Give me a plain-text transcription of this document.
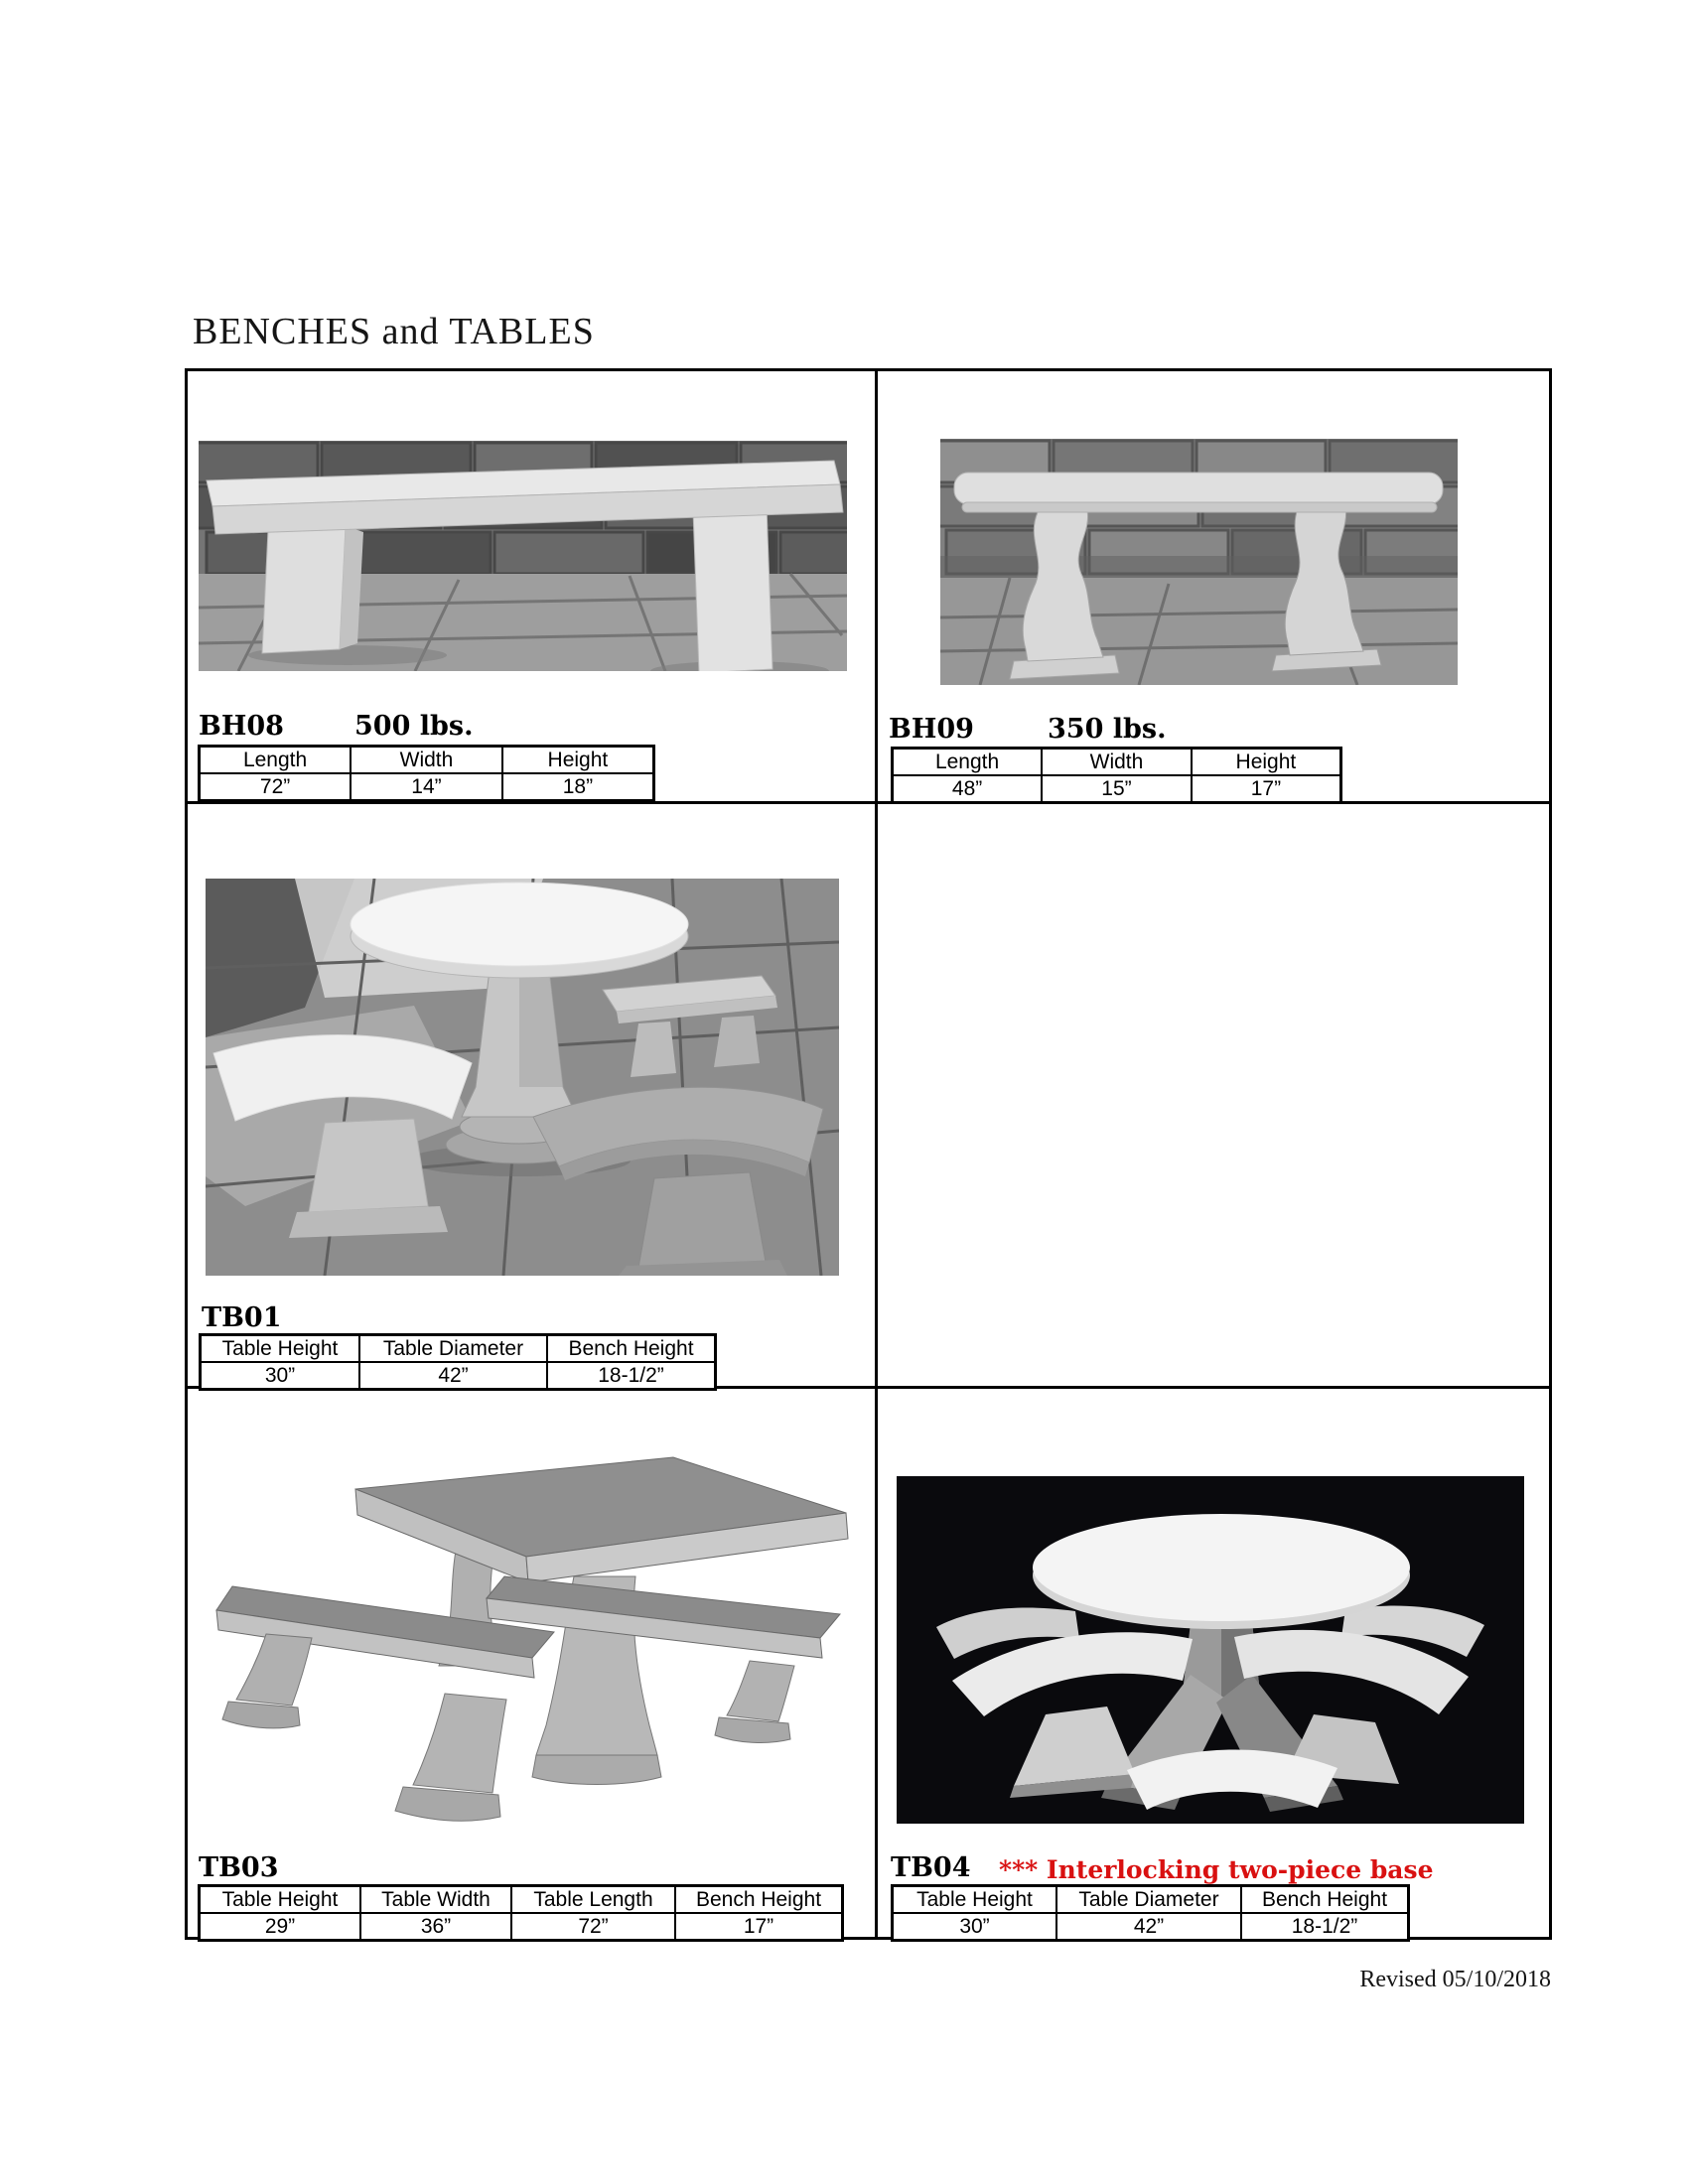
BENCHES and TABLES
BH08	500 lbs.
Length	Width	Height
72”	14”	18”
BH09	350 lbs.
Length	Width	Height
48”	15”	17”
TB01
Table Height	Table Diameter	Bench Height
30”	42”	18-1/2”
TB03
Table Height	Table Width	Table Length	Bench Height
29”	36”	72”	17”
TB04 *** Interlocking two-piece base
Table Height	Table Diameter	Bench Height
30”	42”	18-1/2”
Revised 05/10/2018
